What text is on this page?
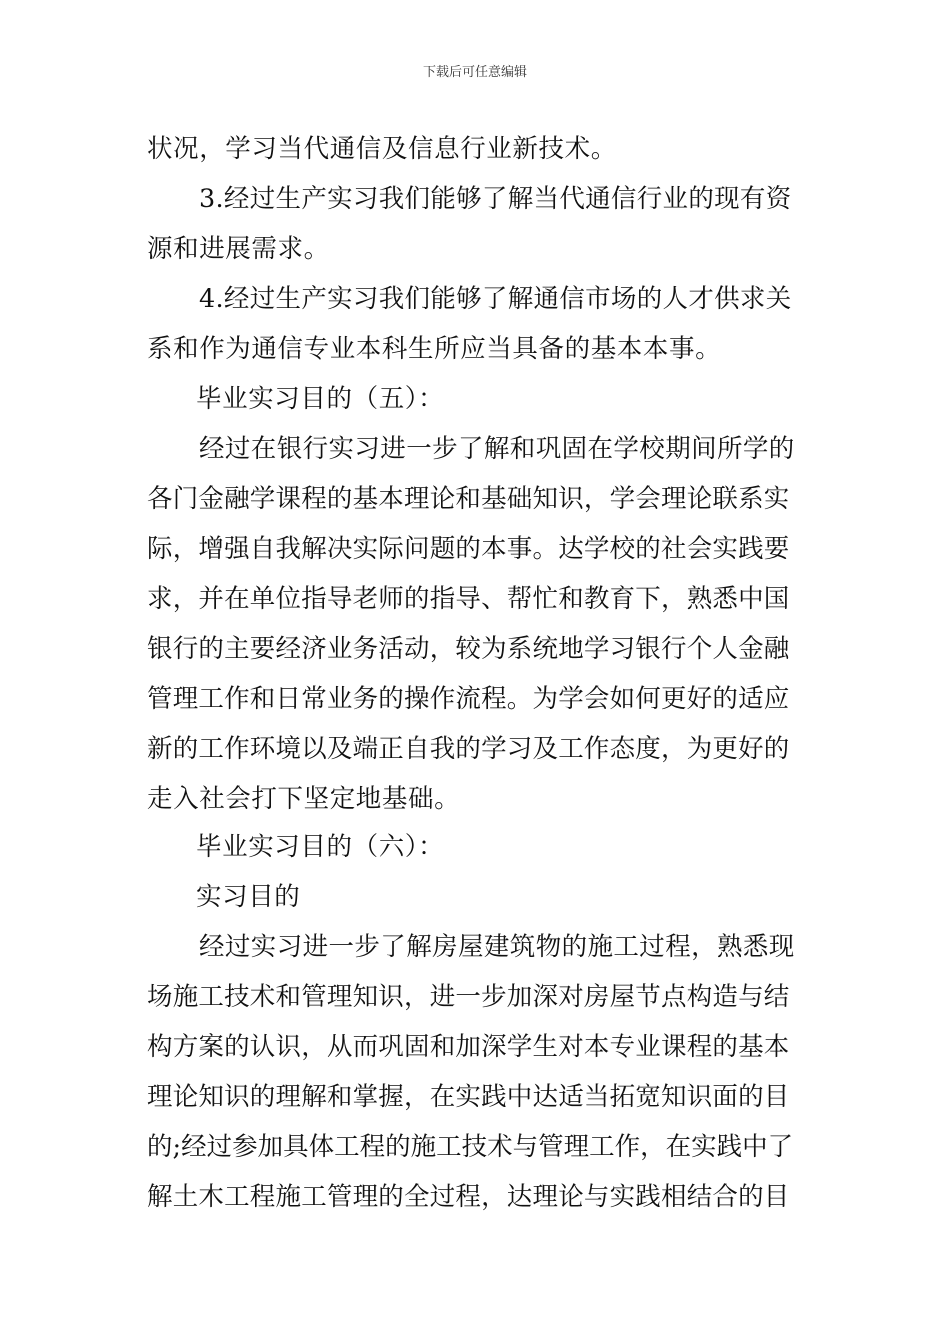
下载后可任意编辑
状况，学习当代通信及信息行业新技术。
3.经过生产实习我们能够了解当代通信行业的现有资
源和进展需求。
4.经过生产实习我们能够了解通信市场的人才供求关
系和作为通信专业本科生所应当具备的基本本事。
毕业实习目的（五）：
经过在银行实习进一步了解和巩固在学校期间所学的
各门金融学课程的基本理论和基础知识，学会理论联系实
际，增强自我解决实际问题的本事。达学校的社会实践要
求，并在单位指导老师的指导、帮忙和教育下，熟悉中国
银行的主要经济业务活动，较为系统地学习银行个人金融
管理工作和日常业务的操作流程。为学会如何更好的适应
新的工作环境以及端正自我的学习及工作态度，为更好的
走入社会打下坚定地基础。
毕业实习目的（六）：
实习目的
经过实习进一步了解房屋建筑物的施工过程，熟悉现
场施工技术和管理知识，进一步加深对房屋节点构造与结
构方案的认识，从而巩固和加深学生对本专业课程的基本
理论知识的理解和掌握，在实践中达适当拓宽知识面的目
的;经过参加具体工程的施工技术与管理工作，在实践中了
解土木工程施工管理的全过程，达理论与实践相结合的目
